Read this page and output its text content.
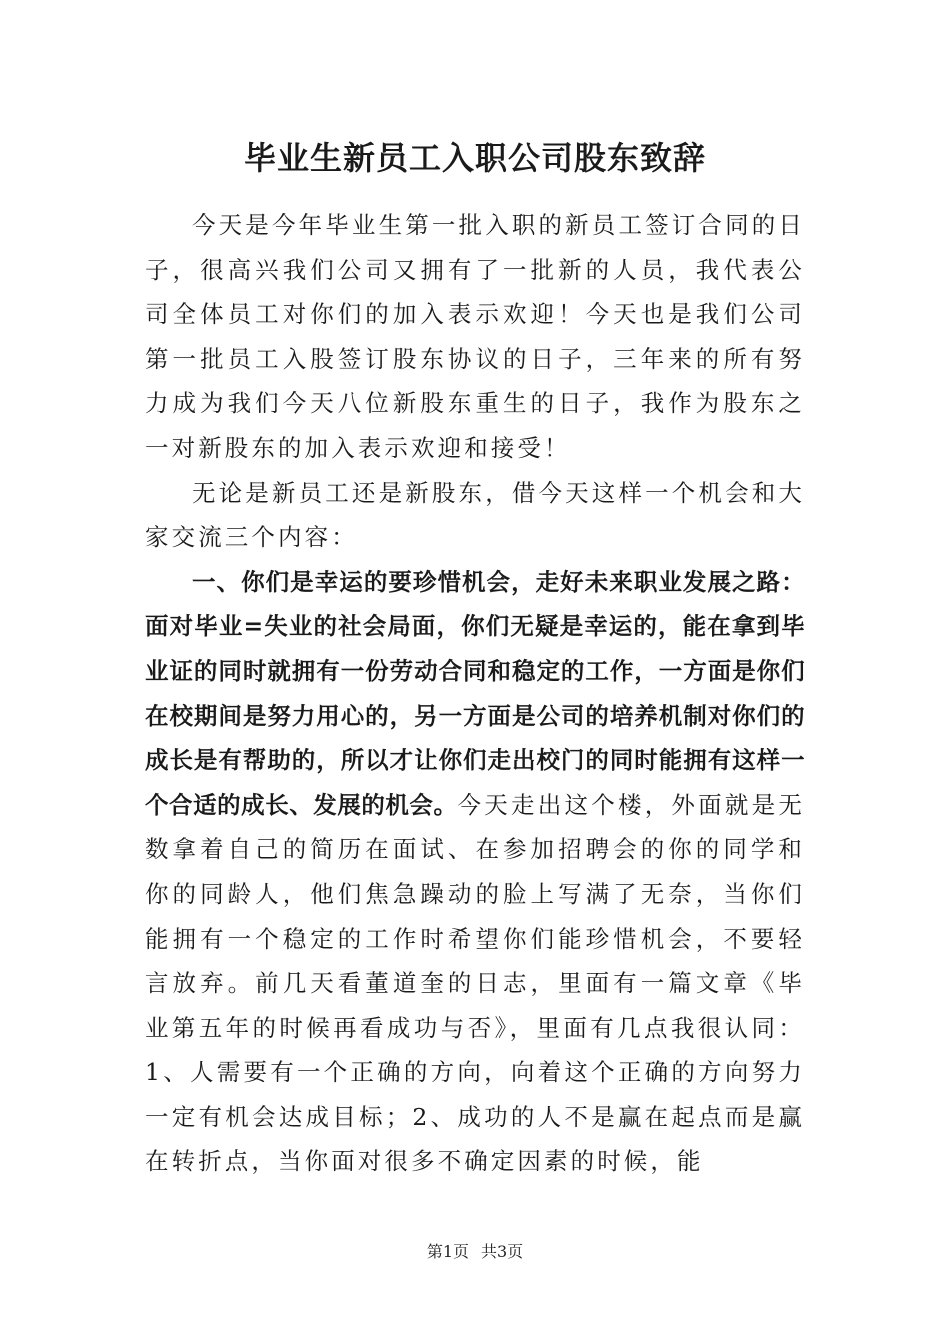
毕业生新员工入职公司股东致辞

今天是今年毕业生第一批入职的新员工签订合同的日子，很高兴我们公司又拥有了一批新的人员，我代表公司全体员工对你们的加入表示欢迎！今天也是我们公司第一批员工入股签订股东协议的日子，三年来的所有努力成为我们今天八位新股东重生的日子，我作为股东之一对新股东的加入表示欢迎和接受！

无论是新员工还是新股东，借今天这样一个机会和大家交流三个内容：

一、你们是幸运的要珍惜机会，走好未来职业发展之路：面对毕业=失业的社会局面，你们无疑是幸运的，能在拿到毕业证的同时就拥有一份劳动合同和稳定的工作，一方面是你们在校期间是努力用心的，另一方面是公司的培养机制对你们的成长是有帮助的，所以才让你们走出校门的同时能拥有这样一个合适的成长、发展的机会。今天走出这个楼，外面就是无数拿着自己的简历在面试、在参加招聘会的你的同学和你的同龄人，他们焦急躁动的脸上写满了无奈，当你们能拥有一个稳定的工作时希望你们能珍惜机会，不要轻言放弃。前几天看董道奎的日志，里面有一篇文章《毕业第五年的时候再看成功与否》，里面有几点我很认同：1、人需要有一个正确的方向，向着这个正确的方向努力一定有机会达成目标；2、成功的人不是赢在起点而是赢在转折点，当你面对很多不确定因素的时候，能

第1页 共3页
